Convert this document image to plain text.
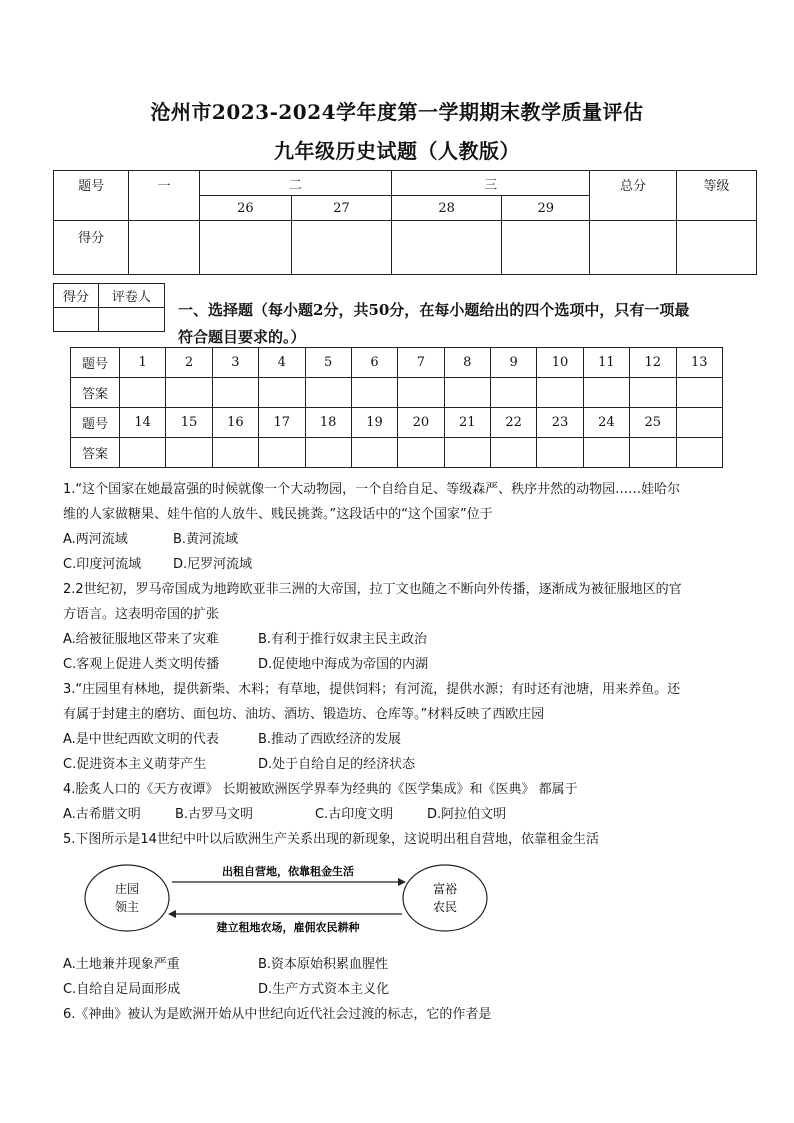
沧州市2023-2024学年度第一学期期末教学质量评估
九年级历史试题（人教版）
题号	一	二		三		总分	等级
		26	27	28	29		
得分							
得分	评卷人

一、选择题（每小题2分，共50分，在每小题给出的四个选项中，只有一项最
符合题目要求的。）
题号	1	2	3	4	5	6	7	8	9	10	11	12	13
答案													
题号	14	15	16	17	18	19	20	21	22	23	24	25	
答案													
1.“这个国家在她最富强的时候就像一个大动物园，一个自给自足、等级森严、秩序井然的动物园……娃哈尔
维的人家做糖果、娃牛倌的人放牛、贱民挑粪。”这段话中的“这个国家”位于
A.两河流域	B.黄河流域
C.印度河流域 D.尼罗河流域
2.2世纪初，罗马帝国成为地跨欧亚非三洲的大帝国，拉丁文也随之不断向外传播，逐渐成为被征服地区的官
方语言。这表明帝国的扩张
A.给被征服地区带来了灾难	B.有利于推行奴隶主民主政治
C.客观上促进人类文明传播	D.促使地中海成为帝国的内湖
3.“庄园里有林地，提供新柴、木料；有草地，提供饲料；有河流，提供水源；有时还有池塘，用来养鱼。还
有属于封建主的磨坊、面包坊、油坊、酒坊、锻造坊、仓库等。”材料反映了西欧庄园
A.是中世纪西欧文明的代表	B.推动了西欧经济的发展
C.促进资本主义萌芽产生	D.处于自给自足的经济状态
4.脍炙人口的《天方夜谭》 长期被欧洲医学界奉为经典的《医学集成》和《医典》 都属于
A.古希腊文明	B.古罗马文明	C.古印度文明	D.阿拉伯文明
5.下图所示是14世纪中叶以后欧洲生产关系出现的新现象，这说明出租自营地，依靠租金生活
A.土地兼并现象严重	B.资本原始积累血腥性
C.自给自足局面形成	D.生产方式资本主义化
6.《神曲》被认为是欧洲开始从中世纪向近代社会过渡的标志，它的作者是
庄园
领主
富裕
农民
出租自营地，依靠租金生活
建立租地农场，雇佣农民耕种
